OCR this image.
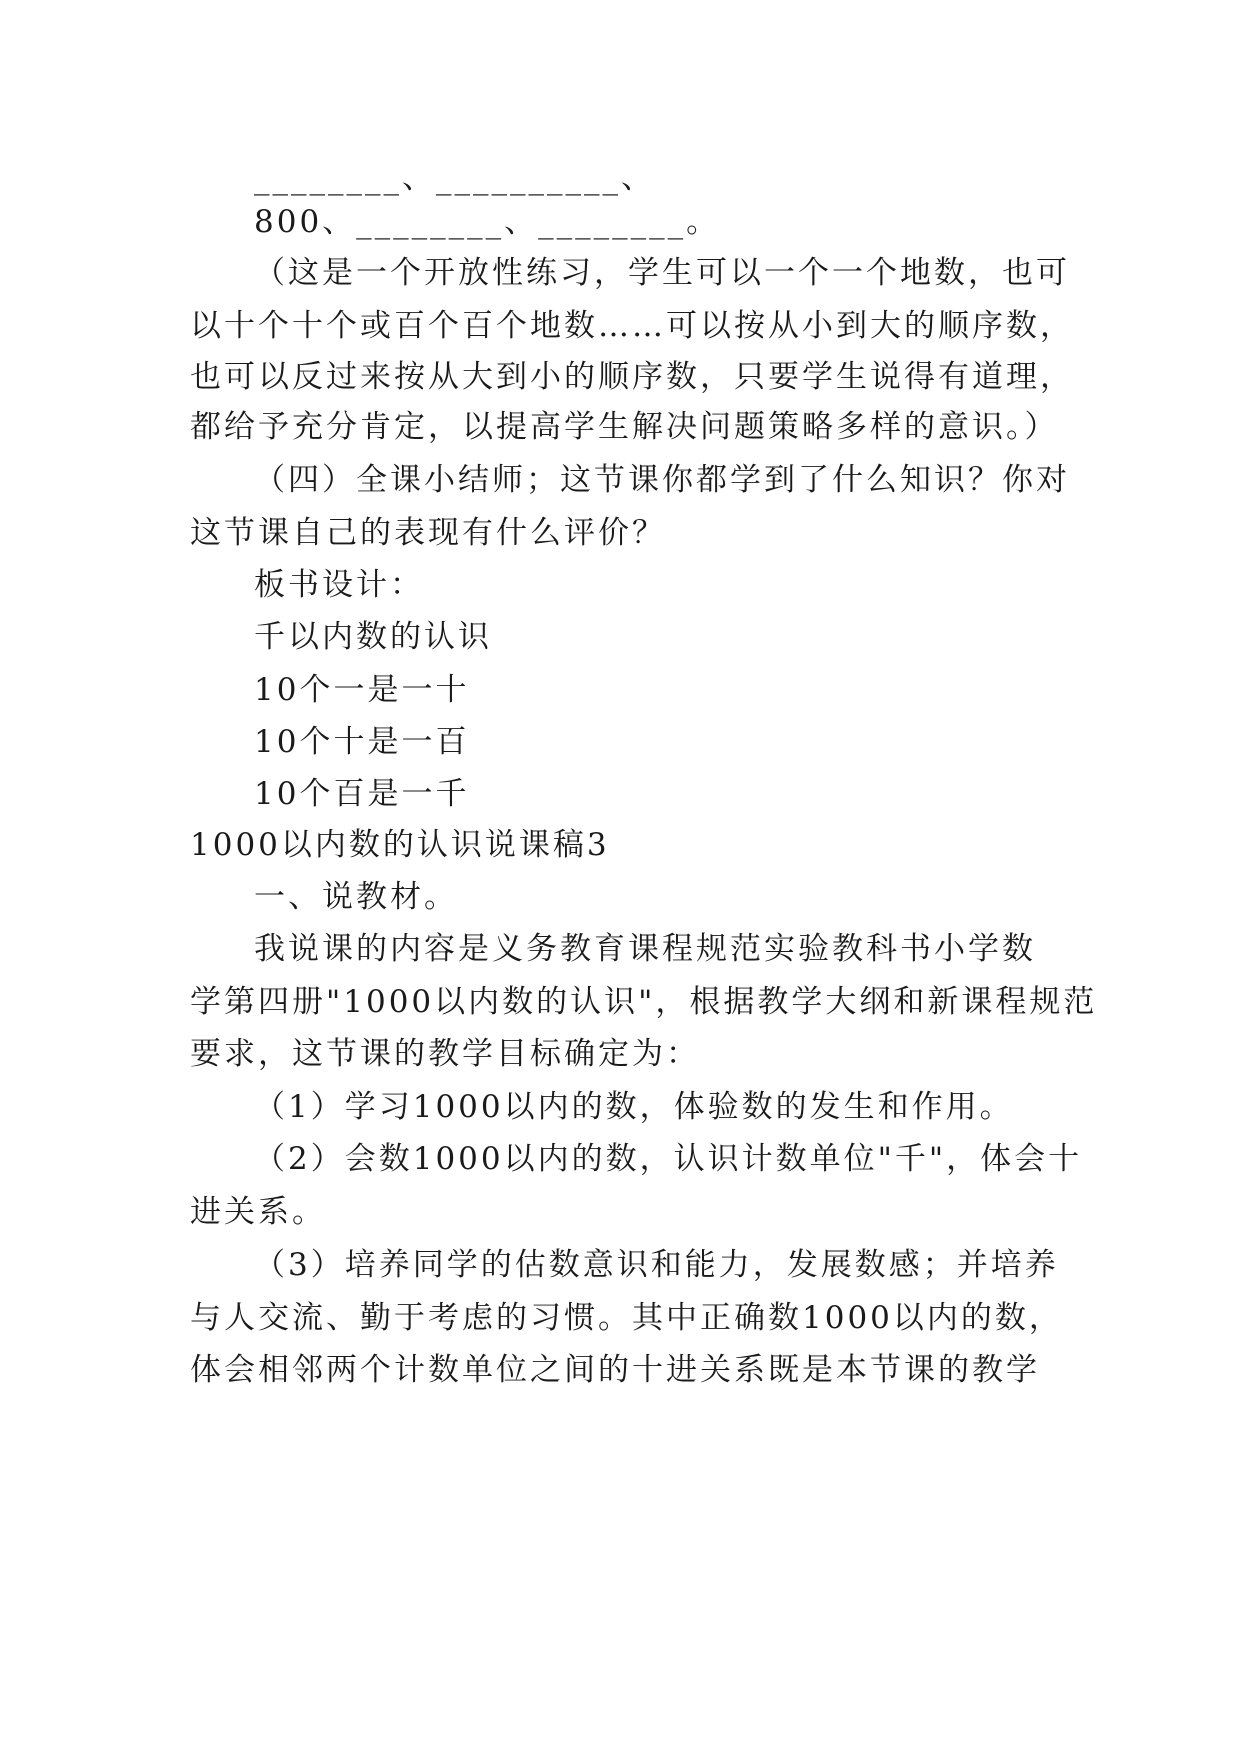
________、__________、
800、________、________。
（这是一个开放性练习，学生可以一个一个地数，也可
以十个十个或百个百个地数……可以按从小到大的顺序数，
也可以反过来按从大到小的顺序数，只要学生说得有道理，
都给予充分肯定，以提高学生解决问题策略多样的意识。）
（四）全课小结师；这节课你都学到了什么知识？你对
这节课自己的表现有什么评价？
板书设计：
千以内数的认识
10个一是一十
10个十是一百
10个百是一千
1000以内数的认识说课稿3
一、说教材。
我说课的内容是义务教育课程规范实验教科书小学数
学第四册"1000以内数的认识"，根据教学大纲和新课程规范
要求，这节课的教学目标确定为：
（1）学习1000以内的数，体验数的发生和作用。
（2）会数1000以内的数，认识计数单位"千"，体会十
进关系。
（3）培养同学的估数意识和能力，发展数感；并培养
与人交流、勤于考虑的习惯。其中正确数1000以内的数，
体会相邻两个计数单位之间的十进关系既是本节课的教学
